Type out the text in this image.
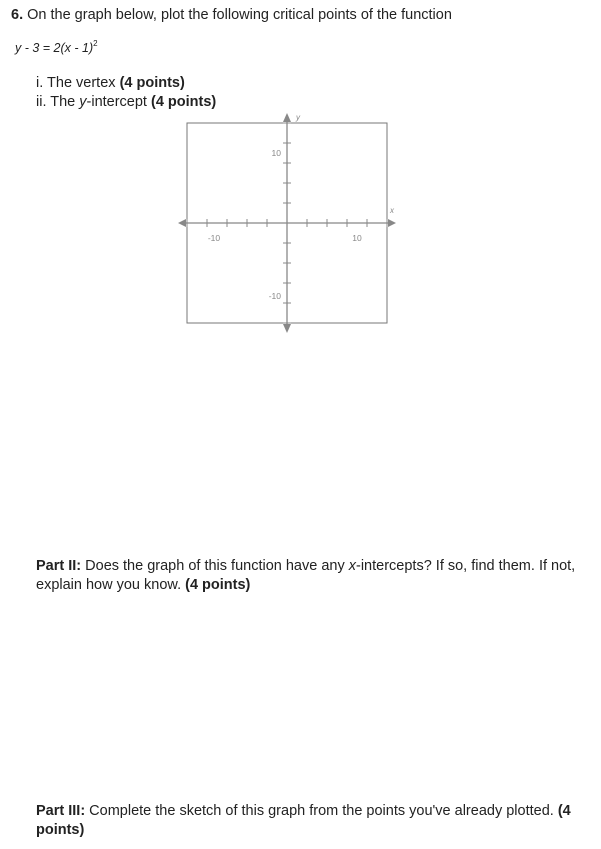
6. On the graph below, plot the following critical points of the function
y - 3 = 2(x - 1)$^2$
i. The vertex (4 points)
ii. The y-intercept (4 points)
x
y
-10	10
10
-10
Part II: Does the graph of this function have any x-intercepts? If so, find them. If not, explain how you know. (4 points)
Part III: Complete the sketch of this graph from the points you've already plotted. (4 points)
